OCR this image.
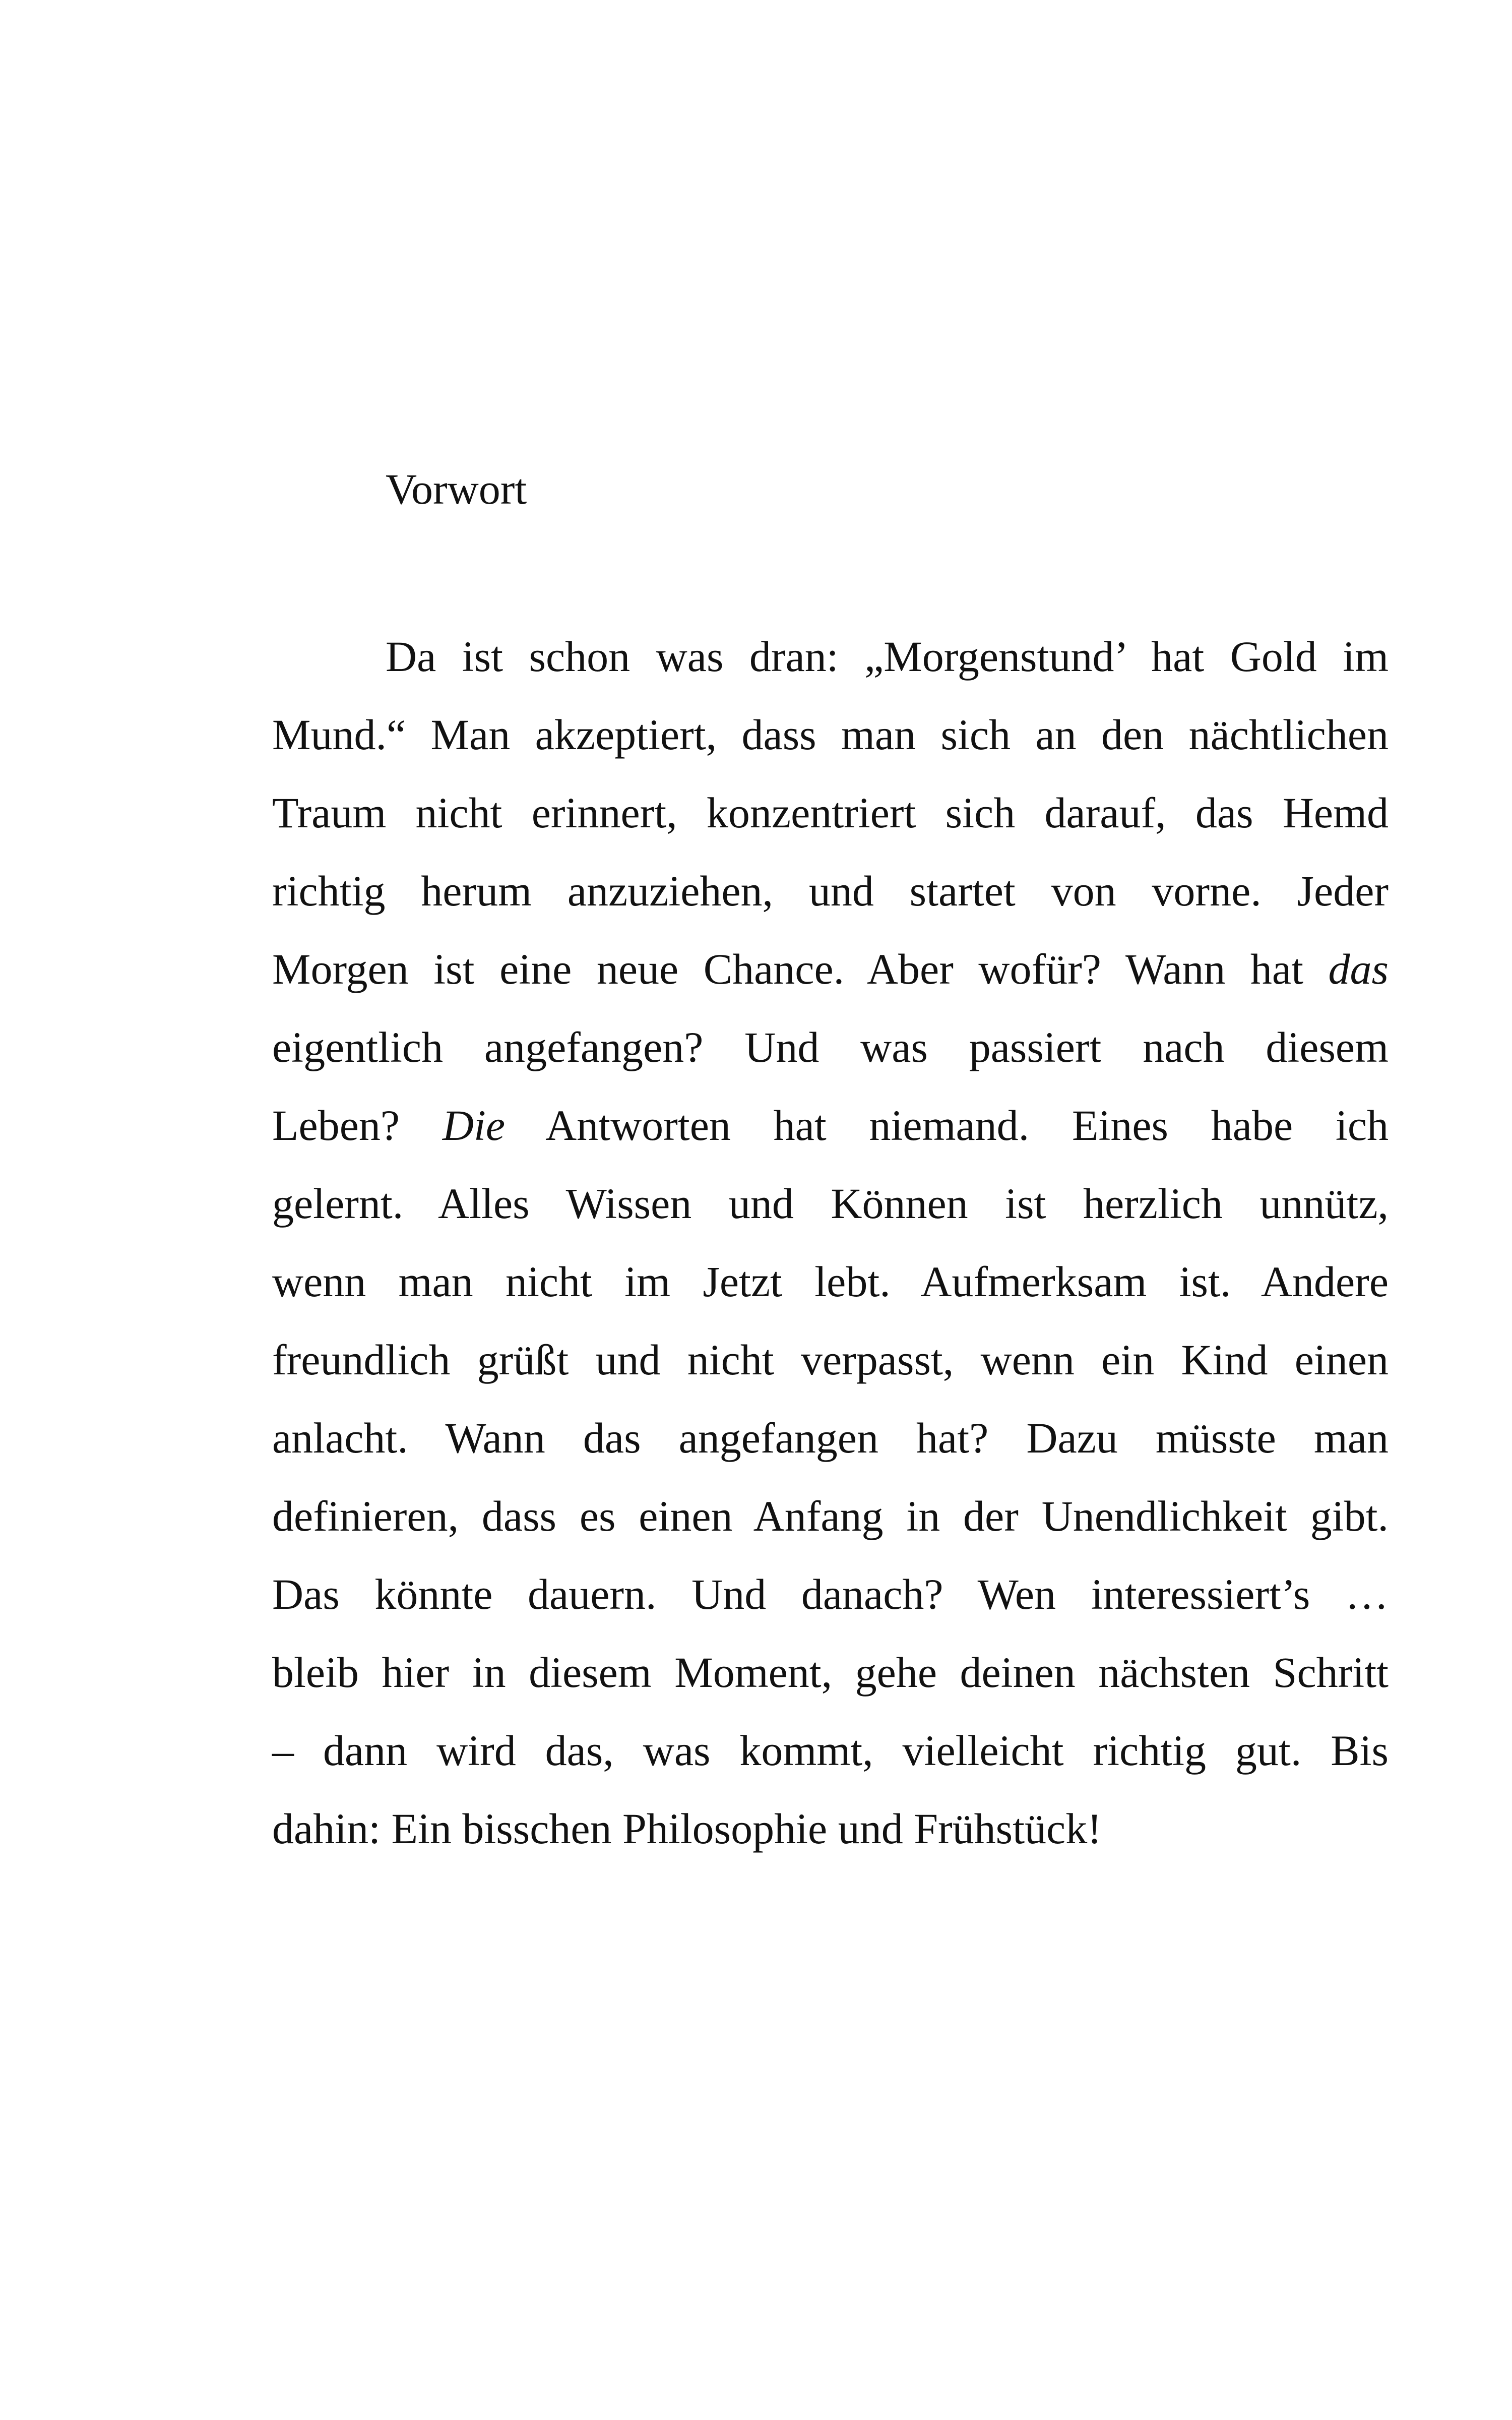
Vorwort
Da ist schon was dran: „Morgenstund’ hat Gold im
Mund.“ Man akzeptiert, dass man sich an den nächtlichen
Traum nicht erinnert, konzentriert sich darauf, das Hemd
richtig herum anzuziehen, und startet von vorne. Jeder
Morgen ist eine neue Chance. Aber wofür? Wann hat das
eigentlich angefangen? Und was passiert nach diesem
Leben? Die Antworten hat niemand. Eines habe ich
gelernt. Alles Wissen und Können ist herzlich unnütz,
wenn man nicht im Jetzt lebt. Aufmerksam ist. Andere
freundlich grüßt und nicht verpasst, wenn ein Kind einen
anlacht. Wann das angefangen hat? Dazu müsste man
definieren, dass es einen Anfang in der Unendlichkeit gibt.
Das könnte dauern. Und danach? Wen interessiert’s …
bleib hier in diesem Moment, gehe deinen nächsten Schritt
– dann wird das, was kommt, vielleicht richtig gut. Bis
dahin: Ein bisschen Philosophie und Frühstück!
